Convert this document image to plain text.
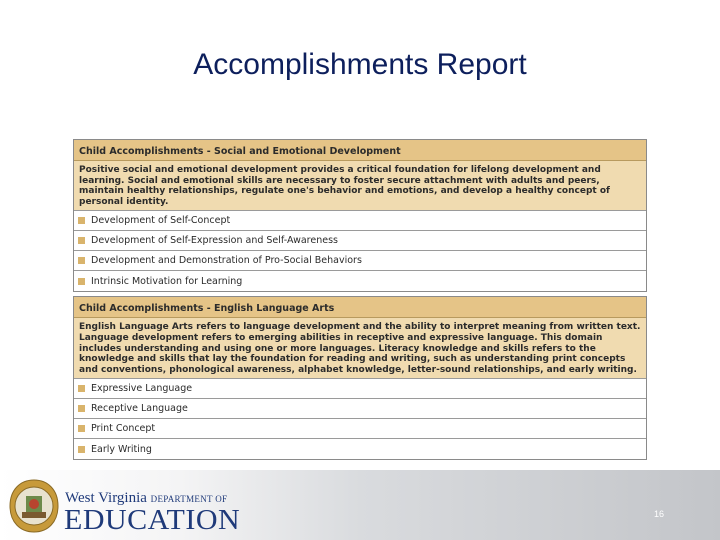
Accomplishments Report
Child Accomplishments - Social and Emotional Development
Positive social and emotional development provides a critical foundation for lifelong development and learning. Social and emotional skills are necessary to foster secure attachment with adults and peers, maintain healthy relationships, regulate one's behavior and emotions, and develop a healthy concept of personal identity.
Development of Self-Concept
Development of Self-Expression and Self-Awareness
Development and Demonstration of Pro-Social Behaviors
Intrinsic Motivation for Learning
Child Accomplishments - English Language Arts
English Language Arts refers to language development and the ability to interpret meaning from written text. Language development refers to emerging abilities in receptive and expressive language. This domain includes understanding and using one or more languages. Literacy knowledge and skills refers to the knowledge and skills that lay the foundation for reading and writing, such as understanding print concepts and conventions, phonological awareness, alphabet knowledge, letter-sound relationships, and early writing.
Expressive Language
Receptive Language
Print Concept
Early Writing
West Virginia DEPARTMENT OF
EDUCATION	16
